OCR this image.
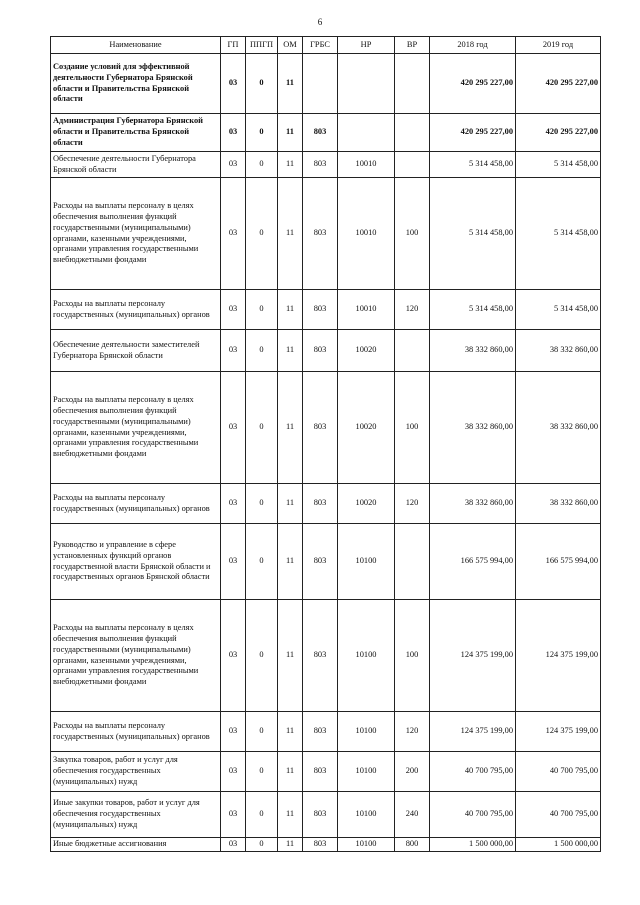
6
Наименование	ГП	ППГП	ОМ	ГРБС	НР	ВР	2018 год	2019 год
Создание условий для эффективной деятельности Губернатора Брянской области и Правительства Брянской области	03	0	11				420 295 227,00	420 295 227,00
Администрация Губернатора Брянской области и Правительства Брянской области	03	0	11	803			420 295 227,00	420 295 227,00
Обеспечение деятельности Губернатора Брянской области	03	0	11	803	10010		5 314 458,00	5 314 458,00
Расходы на выплаты персоналу в целях обеспечения выполнения функций государственными (муниципальными) органами, казенными учреждениями, органами управления государственными внебюджетными фондами	03	0	11	803	10010	100	5 314 458,00	5 314 458,00
Расходы на выплаты персоналу государственных (муниципальных) органов	03	0	11	803	10010	120	5 314 458,00	5 314 458,00
Обеспечение деятельности заместителей Губернатора Брянской области	03	0	11	803	10020		38 332 860,00	38 332 860,00
Расходы на выплаты персоналу в целях обеспечения выполнения функций государственными (муниципальными) органами, казенными учреждениями, органами управления государственными внебюджетными фондами	03	0	11	803	10020	100	38 332 860,00	38 332 860,00
Расходы на выплаты персоналу государственных (муниципальных) органов	03	0	11	803	10020	120	38 332 860,00	38 332 860,00
Руководство и управление в сфере установленных функций органов государственной власти Брянской области и государственных органов Брянской области	03	0	11	803	10100		166 575 994,00	166 575 994,00
Расходы на выплаты персоналу в целях обеспечения выполнения функций государственными (муниципальными) органами, казенными учреждениями, органами управления государственными внебюджетными фондами	03	0	11	803	10100	100	124 375 199,00	124 375 199,00
Расходы на выплаты персоналу государственных (муниципальных) органов	03	0	11	803	10100	120	124 375 199,00	124 375 199,00
Закупка товаров, работ и услуг для обеспечения государственных (муниципальных) нужд	03	0	11	803	10100	200	40 700 795,00	40 700 795,00
Иные закупки товаров, работ и услуг для обеспечения государственных (муниципальных) нужд	03	0	11	803	10100	240	40 700 795,00	40 700 795,00
Иные бюджетные ассигнования	03	0	11	803	10100	800	1 500 000,00	1 500 000,00
